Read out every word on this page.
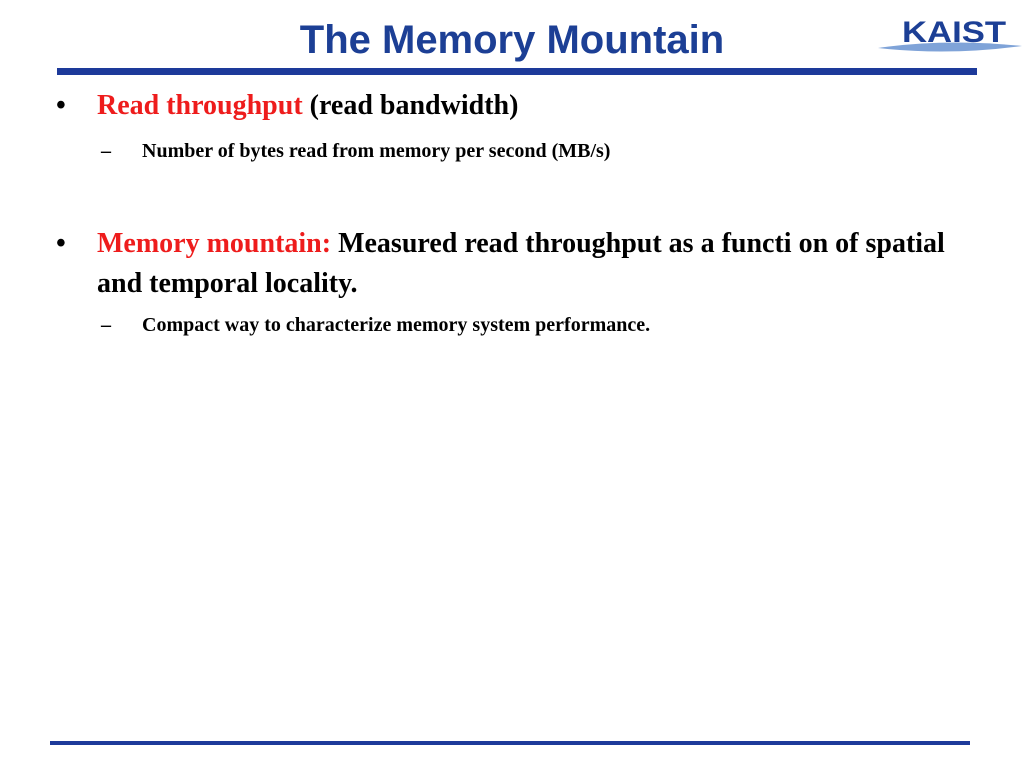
The Memory Mountain	KAIST
•	Read throughput (read bandwidth)
– Number of bytes read from memory per second (MB/s)
•	Memory mountain: Measured read throughput as a functi on of spatial and temporal locality.
– Compact way to characterize memory system performance.
